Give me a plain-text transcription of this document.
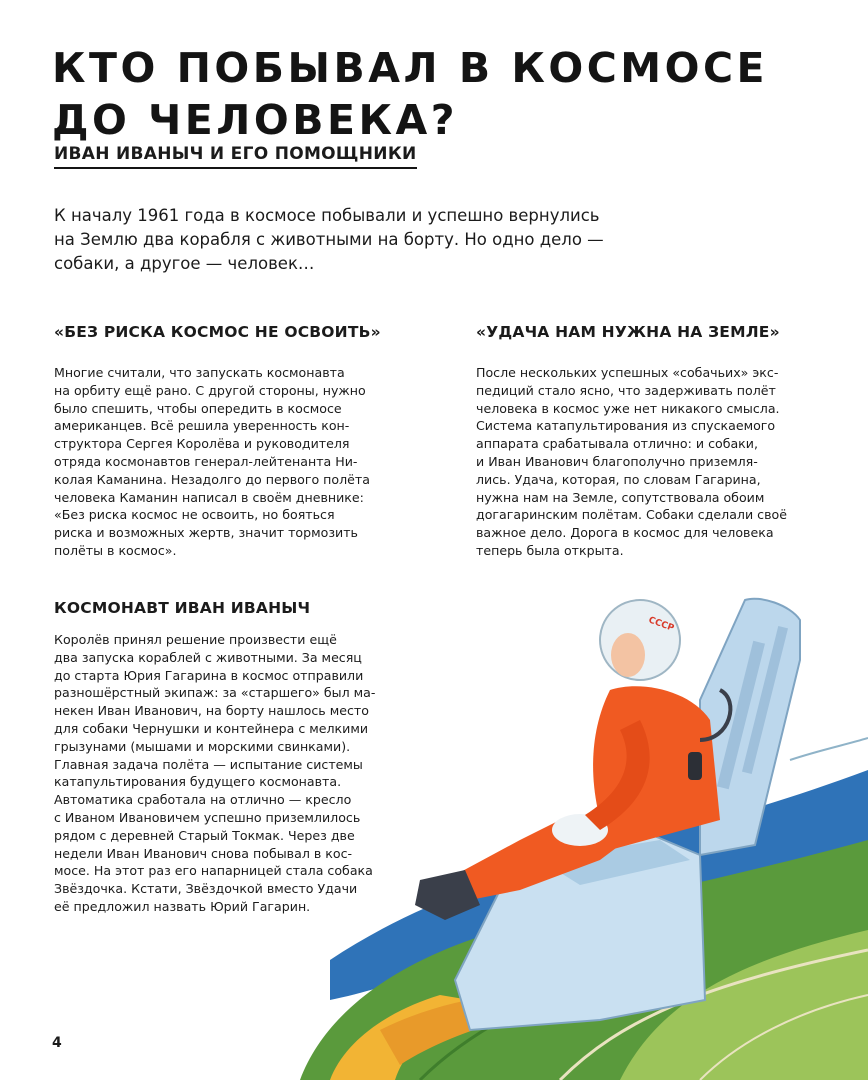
КТО ПОБЫВАЛ В КОСМОСЕ
ДО ЧЕЛОВЕКА?
ИВАН ИВАНЫЧ И ЕГО ПОМОЩНИКИ

К началу 1961 года в космосе побывали и успешно вернулись
на Землю два корабля с животными на борту. Но одно дело —
собаки, а другое — человек…

СССР
«БЕЗ РИСКА КОСМОС НЕ ОСВОИТЬ»

Многие считали, что запускать космонавта
на орбиту ещё рано. С другой стороны, нужно
было спешить, чтобы опередить в космосе
американцев. Всё решила уверенность кон-
структора Сергея Королёва и руководителя
отряда космонавтов генерал-лейтенанта Ни-
колая Каманина. Незадолго до первого полёта
человека Каманин написал в своём дневнике:
«Без риска космос не освоить, но бояться
риска и возможных жертв, значит тормозить
полёты в космос».

«УДАЧА НАМ НУЖНА НА ЗЕМЛЕ»

После нескольких успешных «собачьих» экс-
педиций стало ясно, что задерживать полёт
человека в космос уже нет никакого смысла.
Система катапультирования из спускаемого
аппарата срабатывала отлично: и собаки,
и Иван Иванович благополучно приземля-
лись. Удача, которая, по словам Гагарина,
нужна нам на Земле, сопутствовала обоим
догагаринским полётам. Собаки сделали своё
важное дело. Дорога в космос для человека
теперь была открыта.

КОСМОНАВТ ИВАН ИВАНЫЧ

Королёв принял решение произвести ещё
два запуска кораблей с животными. За месяц
до старта Юрия Гагарина в космос отправили
разношёрстный экипаж: за «старшего» был ма-
некен Иван Иванович, на борту нашлось место
для собаки Чернушки и контейнера с мелкими
грызунами (мышами и морскими свинками).
Главная задача полёта — испытание системы
катапультирования будущего космонавта.
Автоматика сработала на отлично — кресло
с Иваном Ивановичем успешно приземлилось
рядом с деревней Старый Токмак. Через две
недели Иван Иванович снова побывал в кос-
мосе. На этот раз его напарницей стала собака
Звёздочка. Кстати, Звёздочкой вместо Удачи
её предложил назвать Юрий Гагарин.

4
